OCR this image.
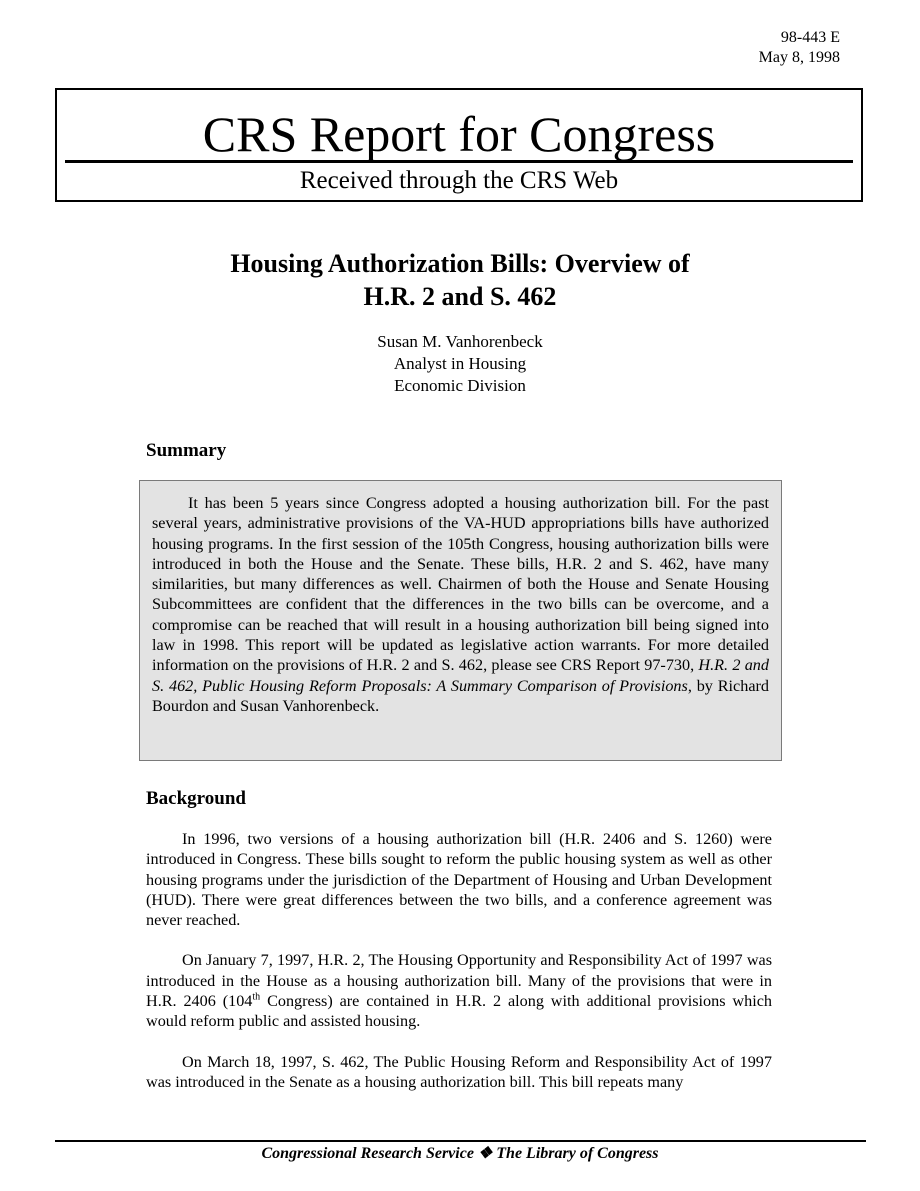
98-443 E
May 8, 1998
CRS Report for Congress
Received through the CRS Web
Housing Authorization Bills: Overview of
H.R. 2 and S. 462
Susan M. Vanhorenbeck
Analyst in Housing
Economic Division
Summary

It has been 5 years since Congress adopted a housing authorization bill. For the past several years, administrative provisions of the VA-HUD appropriations bills have authorized housing programs. In the first session of the 105th Congress, housing authorization bills were introduced in both the House and the Senate. These bills, H.R. 2 and S. 462, have many similarities, but many differences as well. Chairmen of both the House and Senate Housing Subcommittees are confident that the differences in the two bills can be overcome, and a compromise can be reached that will result in a housing authorization bill being signed into law in 1998. This report will be updated as legislative action warrants. For more detailed information on the provisions of H.R. 2 and S. 462, please see CRS Report 97-730, H.R. 2 and S. 462, Public Housing Reform Proposals: A Summary Comparison of Provisions, by Richard Bourdon and Susan Vanhorenbeck.

Background

In 1996, two versions of a housing authorization bill (H.R. 2406 and S. 1260) were introduced in Congress. These bills sought to reform the public housing system as well as other housing programs under the jurisdiction of the Department of Housing and Urban Development (HUD). There were great differences between the two bills, and a conference agreement was never reached.

On January 7, 1997, H.R. 2, The Housing Opportunity and Responsibility Act of 1997 was introduced in the House as a housing authorization bill. Many of the provisions that were in H.R. 2406 (104th Congress) are contained in H.R. 2 along with additional provisions which would reform public and assisted housing.

On March 18, 1997, S. 462, The Public Housing Reform and Responsibility Act of 1997 was introduced in the Senate as a housing authorization bill. This bill repeats many

Congressional Research Service ❖ The Library of Congress
